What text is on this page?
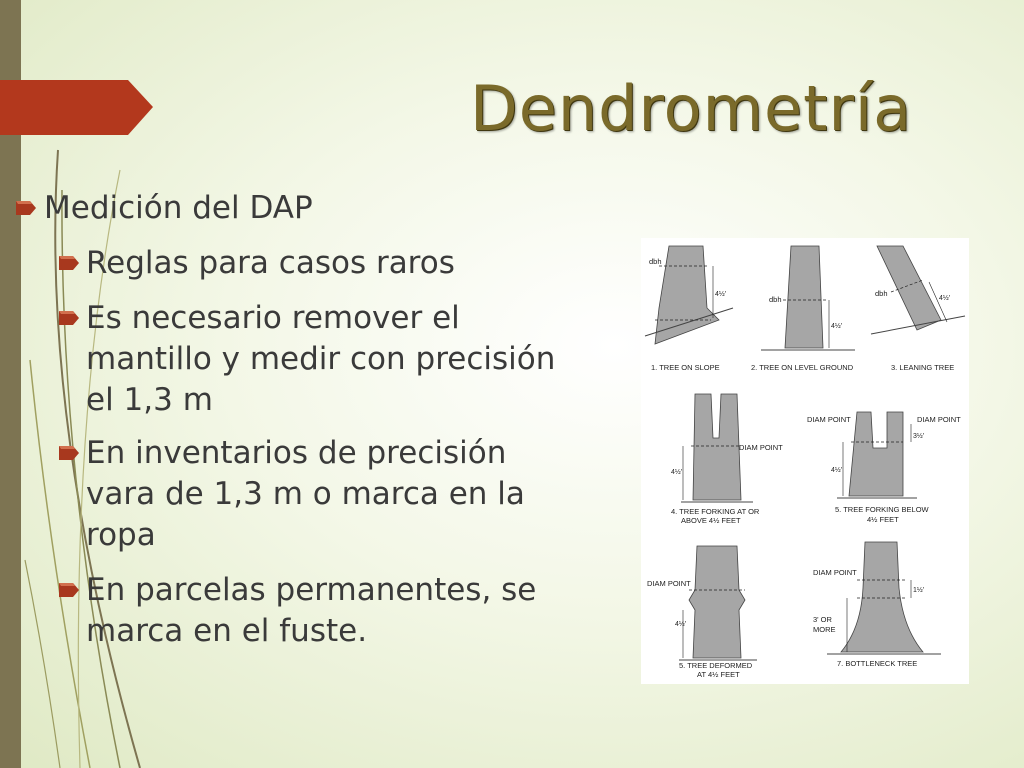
Dendrometría
Medición del DAP
Reglas para casos raros
Es necesario remover el
mantillo y medir con precisión
el 1,3 m
En inventarios de precisión
vara de 1,3 m o marca en la
ropa
En parcelas permanentes, se
marca en el fuste.
dbh
4½'
1. TREE ON SLOPE
dbh
4½'
2. TREE ON LEVEL GROUND
dbh
4½'
3. LEANING TREE
DIAM POINT
4½'
4. TREE FORKING AT OR
ABOVE 4½ FEET
DIAM POINT	DIAM POINT
3½'
4½'
5. TREE FORKING BELOW
4½ FEET
DIAM POINT
4½'
5. TREE DEFORMED
AT 4½ FEET
DIAM POINT
1½'
3' OR
MORE
7. BOTTLENECK TREE
